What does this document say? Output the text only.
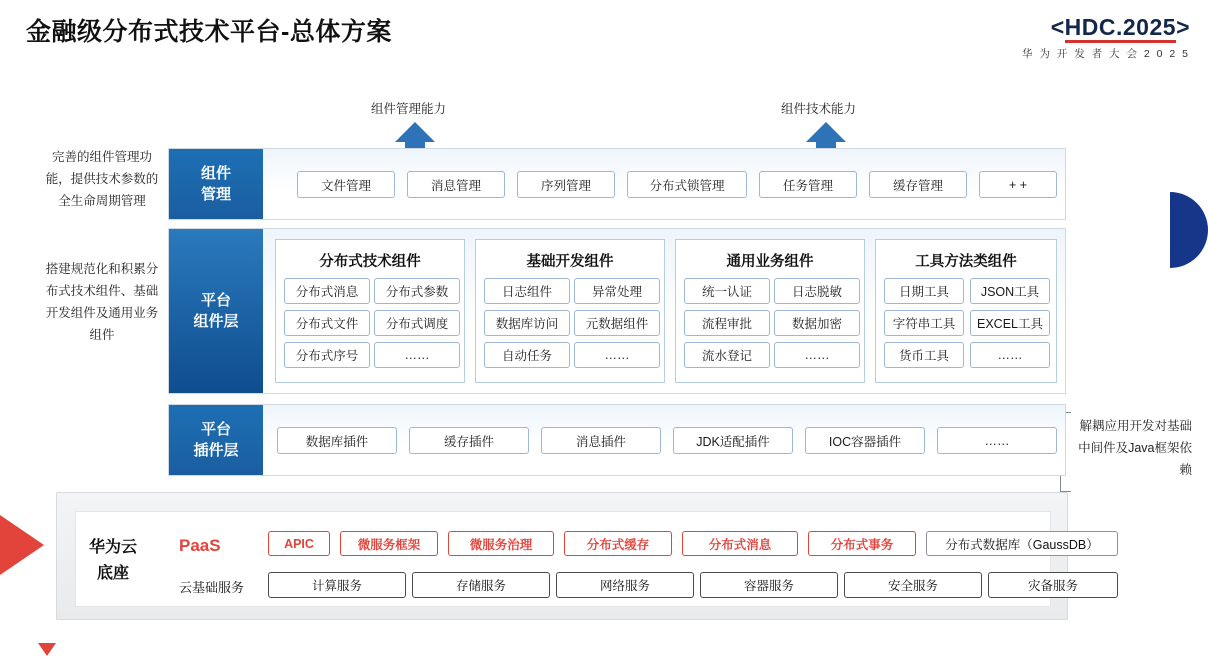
金融级分布式技术平台-总体方案	<HDC.2025>
华 为 开 发 者 大 会 2 0 2 5
组件管理能力	组件技术能力
完善的组件管理功能，提供技术参数的全生命周期管理
搭建规范化和积累分布式技术组件、基础开发组件及通用业务组件
解耦应用开发对基础中间件及Java框架依赖
组件
管理
文件管理	消息管理	序列管理	分布式锁管理	任务管理	缓存管理	+ +
平台
组件层
分布式技术组件
分布式消息	分布式参数
分布式文件	分布式调度
分布式序号	……
基础开发组件
日志组件	异常处理
数据库访问	元数据组件
自动任务	……
通用业务组件
统一认证	日志脱敏
流程审批	数据加密
流水登记	……
工具方法类组件
日期工具	JSON工具
字符串工具	EXCEL工具
货币工具	……
平台
插件层
数据库插件	缓存插件	消息插件	JDK适配插件	IOC容器插件	……
华为云
底座
PaaS
云基础服务
APIC	微服务框架	微服务治理	分布式缓存	分布式消息	分布式事务	分布式数据库（GaussDB）
计算服务	存储服务	网络服务	容器服务	安全服务	灾备服务
